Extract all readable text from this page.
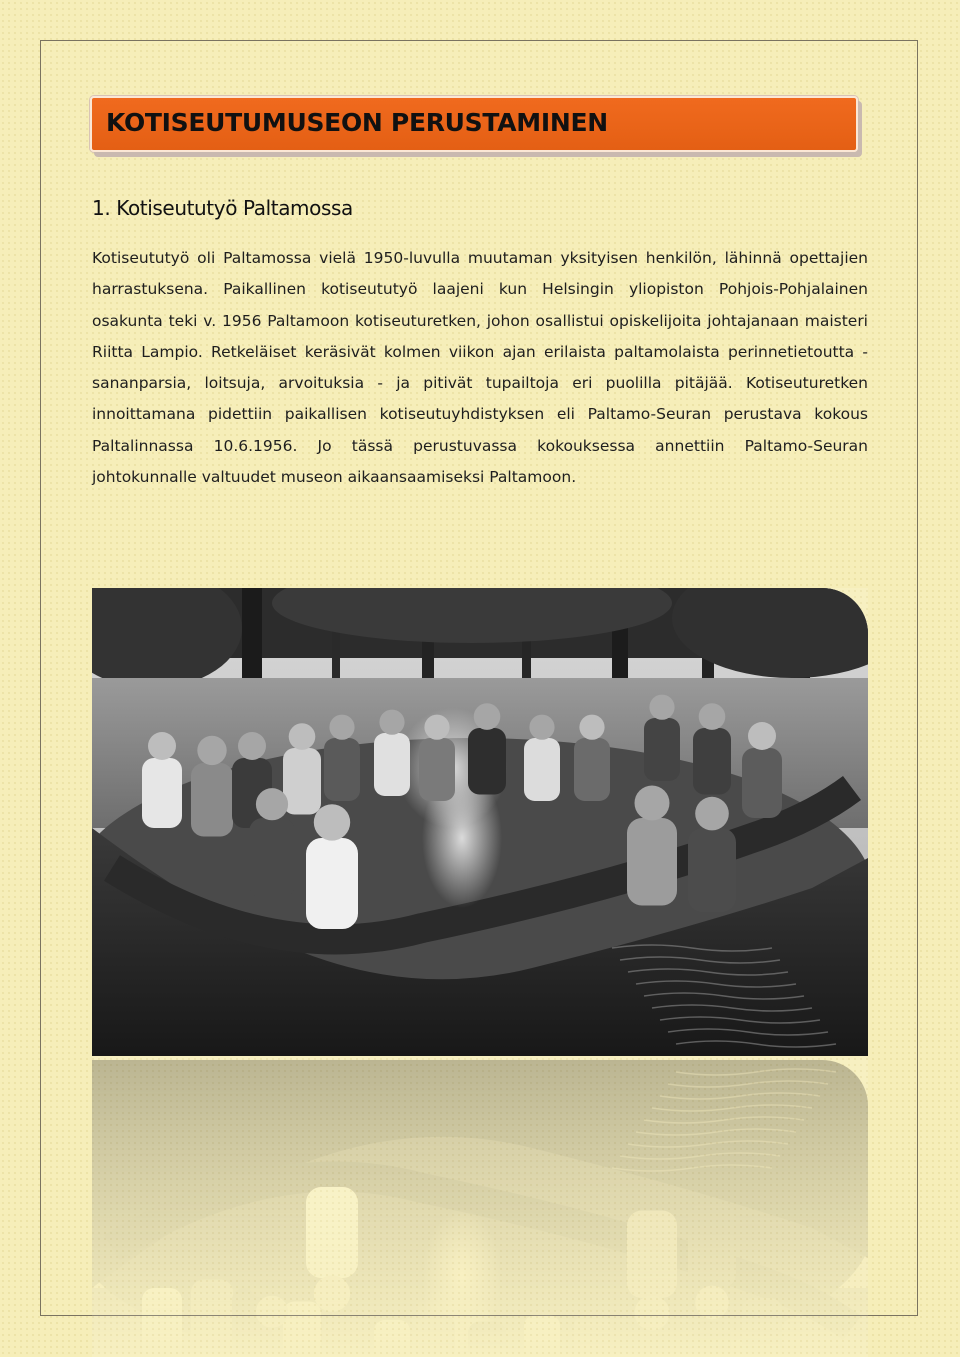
KOTISEUTUMUSEON PERUSTAMINEN
1. Kotiseututyö Paltamossa

Kotiseututyö oli Paltamossa vielä 1950-luvulla muutaman yksityisen henkilön, lähinnä opettajien harrastuksena. Paikallinen kotiseututyö laajeni kun Helsingin yliopiston Pohjois-Pohjalainen osakunta teki v. 1956 Paltamoon kotiseuturetken, johon osallistui opiskelijoita johtajanaan maisteri Riitta Lampio. Retkeläiset keräsivät kolmen viikon ajan erilaista paltamolaista perinnetietoutta - sananparsia, loitsuja, arvoituksia - ja pitivät tupailtoja eri puolilla pitäjää. Kotiseuturetken innoittamana pidettiin paikallisen kotiseutuyhdistyksen eli Paltamo-Seuran perustava kokous Paltalinnassa 10.6.1956. Jo tässä perustuvassa kokouksessa annettiin Paltamo-Seuran johtokunnalle valtuudet museon aikaansaamiseksi Paltamoon.
